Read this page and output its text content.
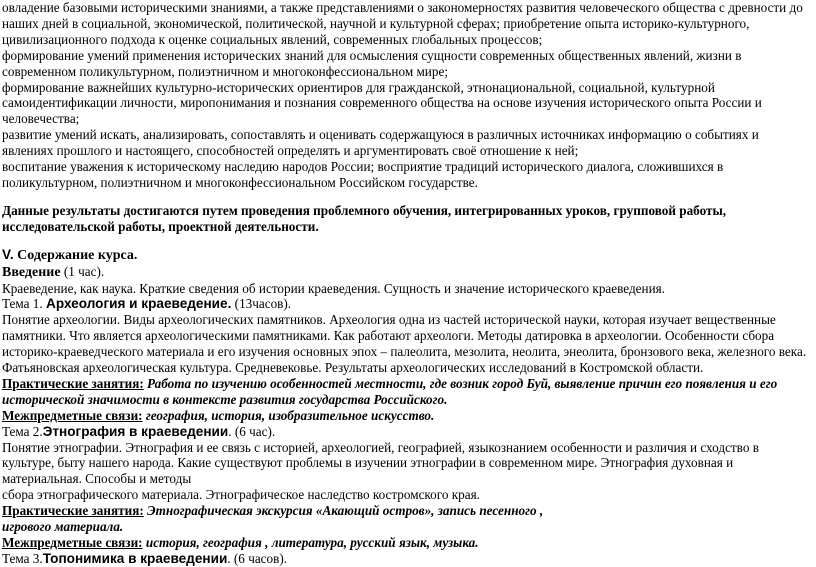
овладение базовыми историческими знаниями, а также представлениями о закономерностях развития человеческого общества с древности до наших дней в социальной, экономической, политической, научной и культурной сферах; приобретение опыта историко-культурного, цивилизационного подхода к оценке социальных явлений, современных глобальных процессов;

формирование умений применения исторических знаний для осмысления сущности современных общественных явлений, жизни в современном поликультурном, полиэтничном и многоконфессиональном мире;

формирование важнейших культурно-исторических ориентиров для гражданской, этнонациональной, социальной, культурной самоидентификации личности, миропонимания и познания современного общества на основе изучения исторического опыта России и человечества;

развитие умений искать, анализировать, сопоставлять и оценивать содержащуюся в различных источниках информацию о событиях и явлениях прошлого и настоящего, способностей определять и аргументировать своё отношение к ней;

воспитание уважения к историческому наследию народов России; восприятие традиций исторического диалога, сложившихся в поликультурном, полиэтничном и многоконфессиональном Российском государстве.

Данные результаты достигаются путем проведения проблемного обучения, интегрированных уроков, групповой работы, исследовательской работы, проектной деятельности.

V. Содержание курса.

Введение (1 час).

Краеведение, как наука. Краткие сведения об истории краеведения. Сущность и значение исторического краеведения.

Тема 1. Археология и краеведение. (13часов).

Понятие археологии. Виды археологических памятников. Археология одна из частей исторической науки, которая изучает вещественные памятники. Что является археологическими памятниками. Как работают археологи. Методы датировка в археологии. Особенности сбора историко-краеведческого материала и его изучения основных эпох – палеолита, мезолита, неолита, энеолита, бронзового века, железного века. Фатьяновская археологическая культура. Средневековье. Результаты археологических исследований в Костромской области.

Практические занятия: Работа по изучению особенностей местности, где возник город Буй, выявление причин его появления и его исторической значимости в контексте развития государства Российского.

Межпредметные связи: география, история, изобразительное искусство.

Тема 2.Этнография в краеведении. (6 час).

Понятие этнографии. Этнография и ее связь с историей, археологией, географией, языкознанием особенности и различия и сходство в культуре, быту нашего народа. Какие существуют проблемы в изучении этнографии в современном мире. Этнография духовная и материальная. Способы и методы

сбора этнографического материала. Этнографическое наследство костромского края.

Практические занятия: Этнографическая экскурсия «Акающий остров», запись песенного ,

игрового материала.

Межпредметные связи: история, география , литература, русский язык, музыка.

Тема 3.Топонимика в краеведении. (6 часов).
